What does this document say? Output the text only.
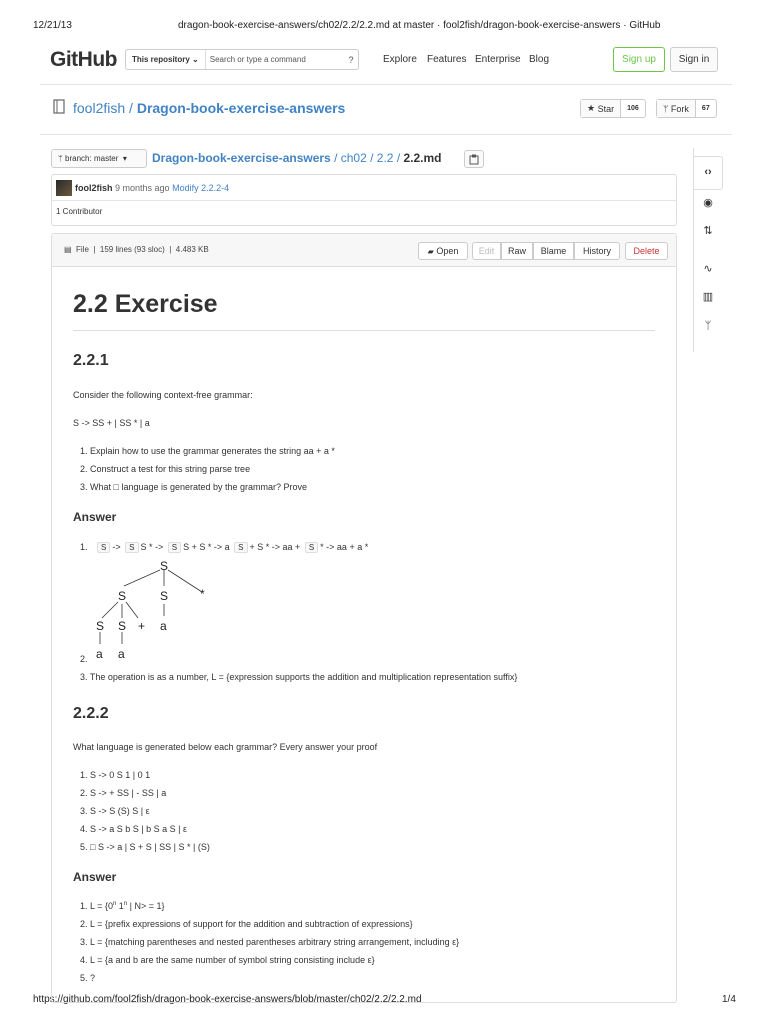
12/21/13	dragon-book-exercise-answers/ch02/2.2/2.2.md at master · fool2fish/dragon-book-exercise-answers · GitHub
https://github.com/fool2fish/dragon-book-exercise-answers/blob/master/ch02/2.2/2.2.md	1/4
GitHub This repository
⌄	Search or type a command	?	Explore Features Enterprise Blog	Sign up	Sign in
fool2fish / Dragon-book-exercise-answers	★
Star	106	ᛘ
Fork	67
ᛘ
branch: master
▾ Dragon-book-exercise-answers / ch02 / 2.2 / 2.2.md
fool2fish
9 months ago
Modify 2.2.2-4
1 Contributor
▤ File  |  159 lines (93 sloc)  |  4.483 KB	▰
Open	Edit	Raw	Blame	History	Delete
2.2 Exercise
2.2.1
Consider the following context-free grammar:
S -> SS + | SS * | a
1. Explain how to use the grammar generates the string aa + a *
2. Construct a test for this string parse tree
3. What □ language is generated by the grammar? Prove
Answer
1. S -> S S * -> S S + S * -> a S + S * -> aa + S * -> aa + a *
S
S	S	*
S S + a
a a
2.
3. The operation is as a number, L = {expression supports the addition and multiplication representation suffix}
2.2.2
What language is generated below each grammar? Every answer your proof
1. S -> 0 S 1 | 0 1
2. S -> + SS | - SS | a
3. S -> S (S) S | ε
4. S -> a S b S | b S a S | ε
5. □ S -> a | S + S | SS | S * | (S)
Answer
1. $L = \{0^n$ 1$^n$ | N> = 1}
2. L = {prefix expressions of support for the addition and subtraction of expressions}
3. L = {matching parentheses and nested parentheses arbitrary string arrangement, including ε}
4. L = {a and b are the same number of symbol string consisting include ε}
5. ?
‹›
◉
⇅
∿
▥
ᛘ
